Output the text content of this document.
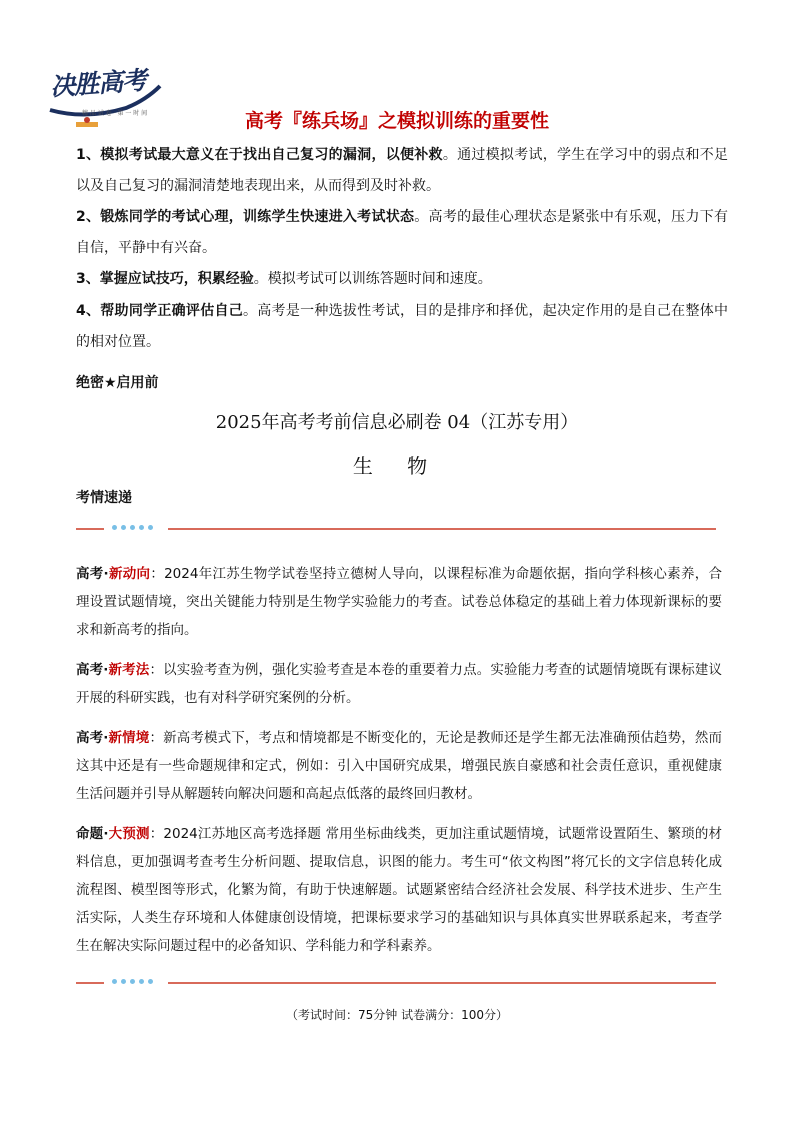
决胜高考
精 品 试 卷 · 第 一 时 间	高考『练兵场』之模拟训练的重要性
1、模拟考试最大意义在于找出自己复习的漏洞，以便补救。通过模拟考试，学生在学习中的弱点和不足以及自己复习的漏洞清楚地表现出来，从而得到及时补救。
2、锻炼同学的考试心理，训练学生快速进入考试状态。高考的最佳心理状态是紧张中有乐观，压力下有自信，平静中有兴奋。
3、掌握应试技巧，积累经验。模拟考试可以训练答题时间和速度。
4、帮助同学正确评估自己。高考是一种选拔性考试，目的是排序和择优，起决定作用的是自己在整体中的相对位置。
绝密★启用前
2025年高考考前信息必刷卷 04（江苏专用）
生 物
考情速递
高考·新动向：2024年江苏生物学试卷坚持立德树人导向，以课程标准为命题依据，指向学科核心素养，合理设置试题情境，突出关键能力特别是生物学实验能力的考查。试卷总体稳定的基础上着力体现新课标的要求和新高考的指向。
高考·新考法：以实验考查为例，强化实验考查是本卷的重要着力点。实验能力考查的试题情境既有课标建议开展的科研实践，也有对科学研究案例的分析。
高考·新情境：新高考模式下，考点和情境都是不断变化的，无论是教师还是学生都无法准确预估趋势，然而这其中还是有一些命题规律和定式，例如：引入中国研究成果，增强民族自豪感和社会责任意识，重视健康生活问题并引导从解题转向解决问题和高起点低落的最终回归教材。
命题·大预测：2024江苏地区高考选择题 常用坐标曲线类，更加注重试题情境，试题常设置陌生、繁琐的材料信息，更加强调考查考生分析问题、提取信息，识图的能力。考生可“依文构图”将冗长的文字信息转化成流程图、模型图等形式，化繁为简，有助于快速解题。试题紧密结合经济社会发展、科学技术进步、生产生活实际，人类生存环境和人体健康创设情境，把课标要求学习的基础知识与具体真实世界联系起来，考查学生在解决实际问题过程中的必备知识、学科能力和学科素养。
（考试时间：75分钟 试卷满分：100分）
